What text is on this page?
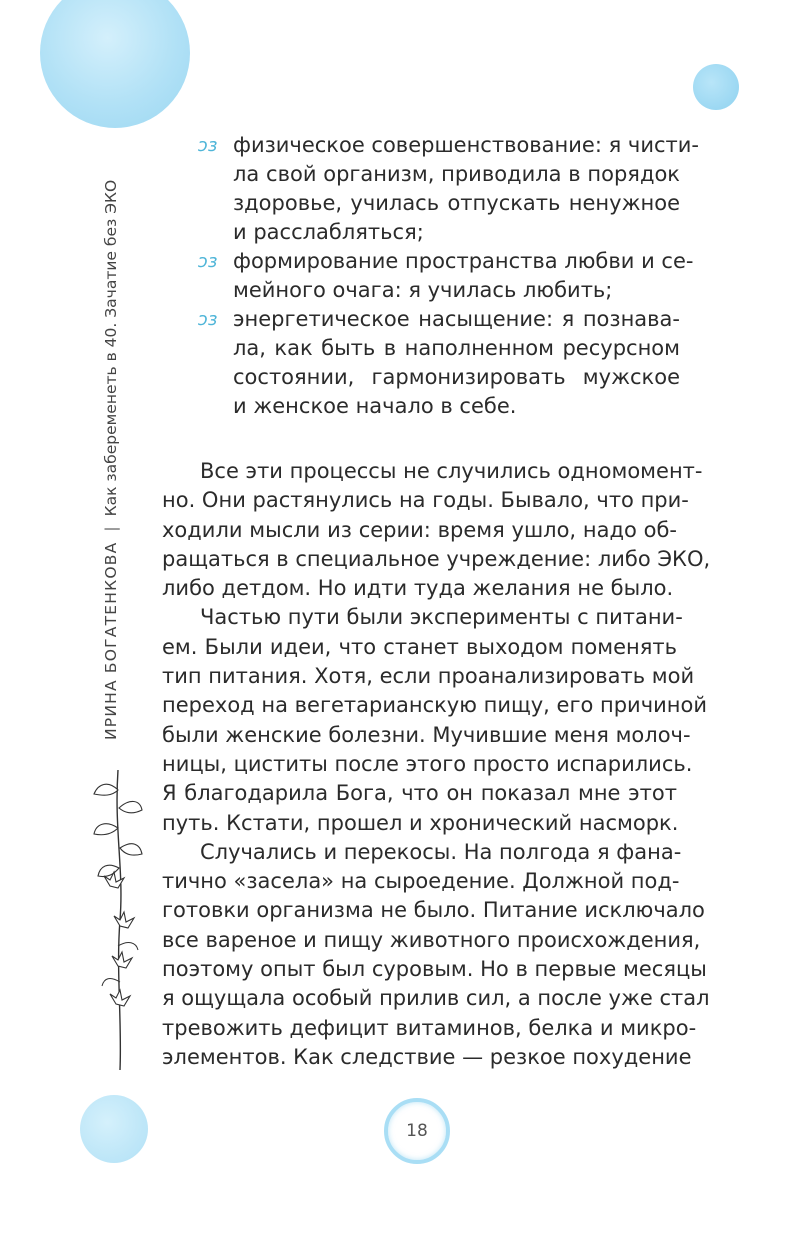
ИРИНА БОГАТЕНКОВА
|
Как забеременеть в 40. Зачатие без ЭКО
ↄз физическое совершенствование: я чисти-
ла свой организм, приводила в порядок
здоровье, училась отпускать ненужное
и расслабляться;
ↄз формирование пространства любви и се-
мейного очага: я училась любить;
ↄз энергетическое насыщение: я познава-
ла, как быть в наполненном ресурсном
состоянии, гармонизировать мужское
и женское начало в себе.
Все эти процессы не случились одномомент-
но. Они растянулись на годы. Бывало, что при-
ходили мысли из серии: время ушло, надо об-
ращаться в специальное учреждение: либо ЭКО,
либо детдом. Но идти туда желания не было.
Частью пути были эксперименты с питани-
ем. Были идеи, что станет выходом поменять
тип питания. Хотя, если проанализировать мой
переход на вегетарианскую пищу, его причиной
были женские болезни. Мучившие меня молоч-
ницы, циститы после этого просто испарились.
Я благодарила Бога, что он показал мне этот
путь. Кстати, прошел и хронический насморк.
Случались и перекосы. На полгода я фана-
тично «засела» на сыроедение. Должной под-
готовки организма не было. Питание исключало
все вареное и пищу животного происхождения,
поэтому опыт был суровым. Но в первые месяцы
я ощущала особый прилив сил, а после уже стал
тревожить дефицит витаминов, белка и микро-
элементов. Как следствие — резкое похудение
18
